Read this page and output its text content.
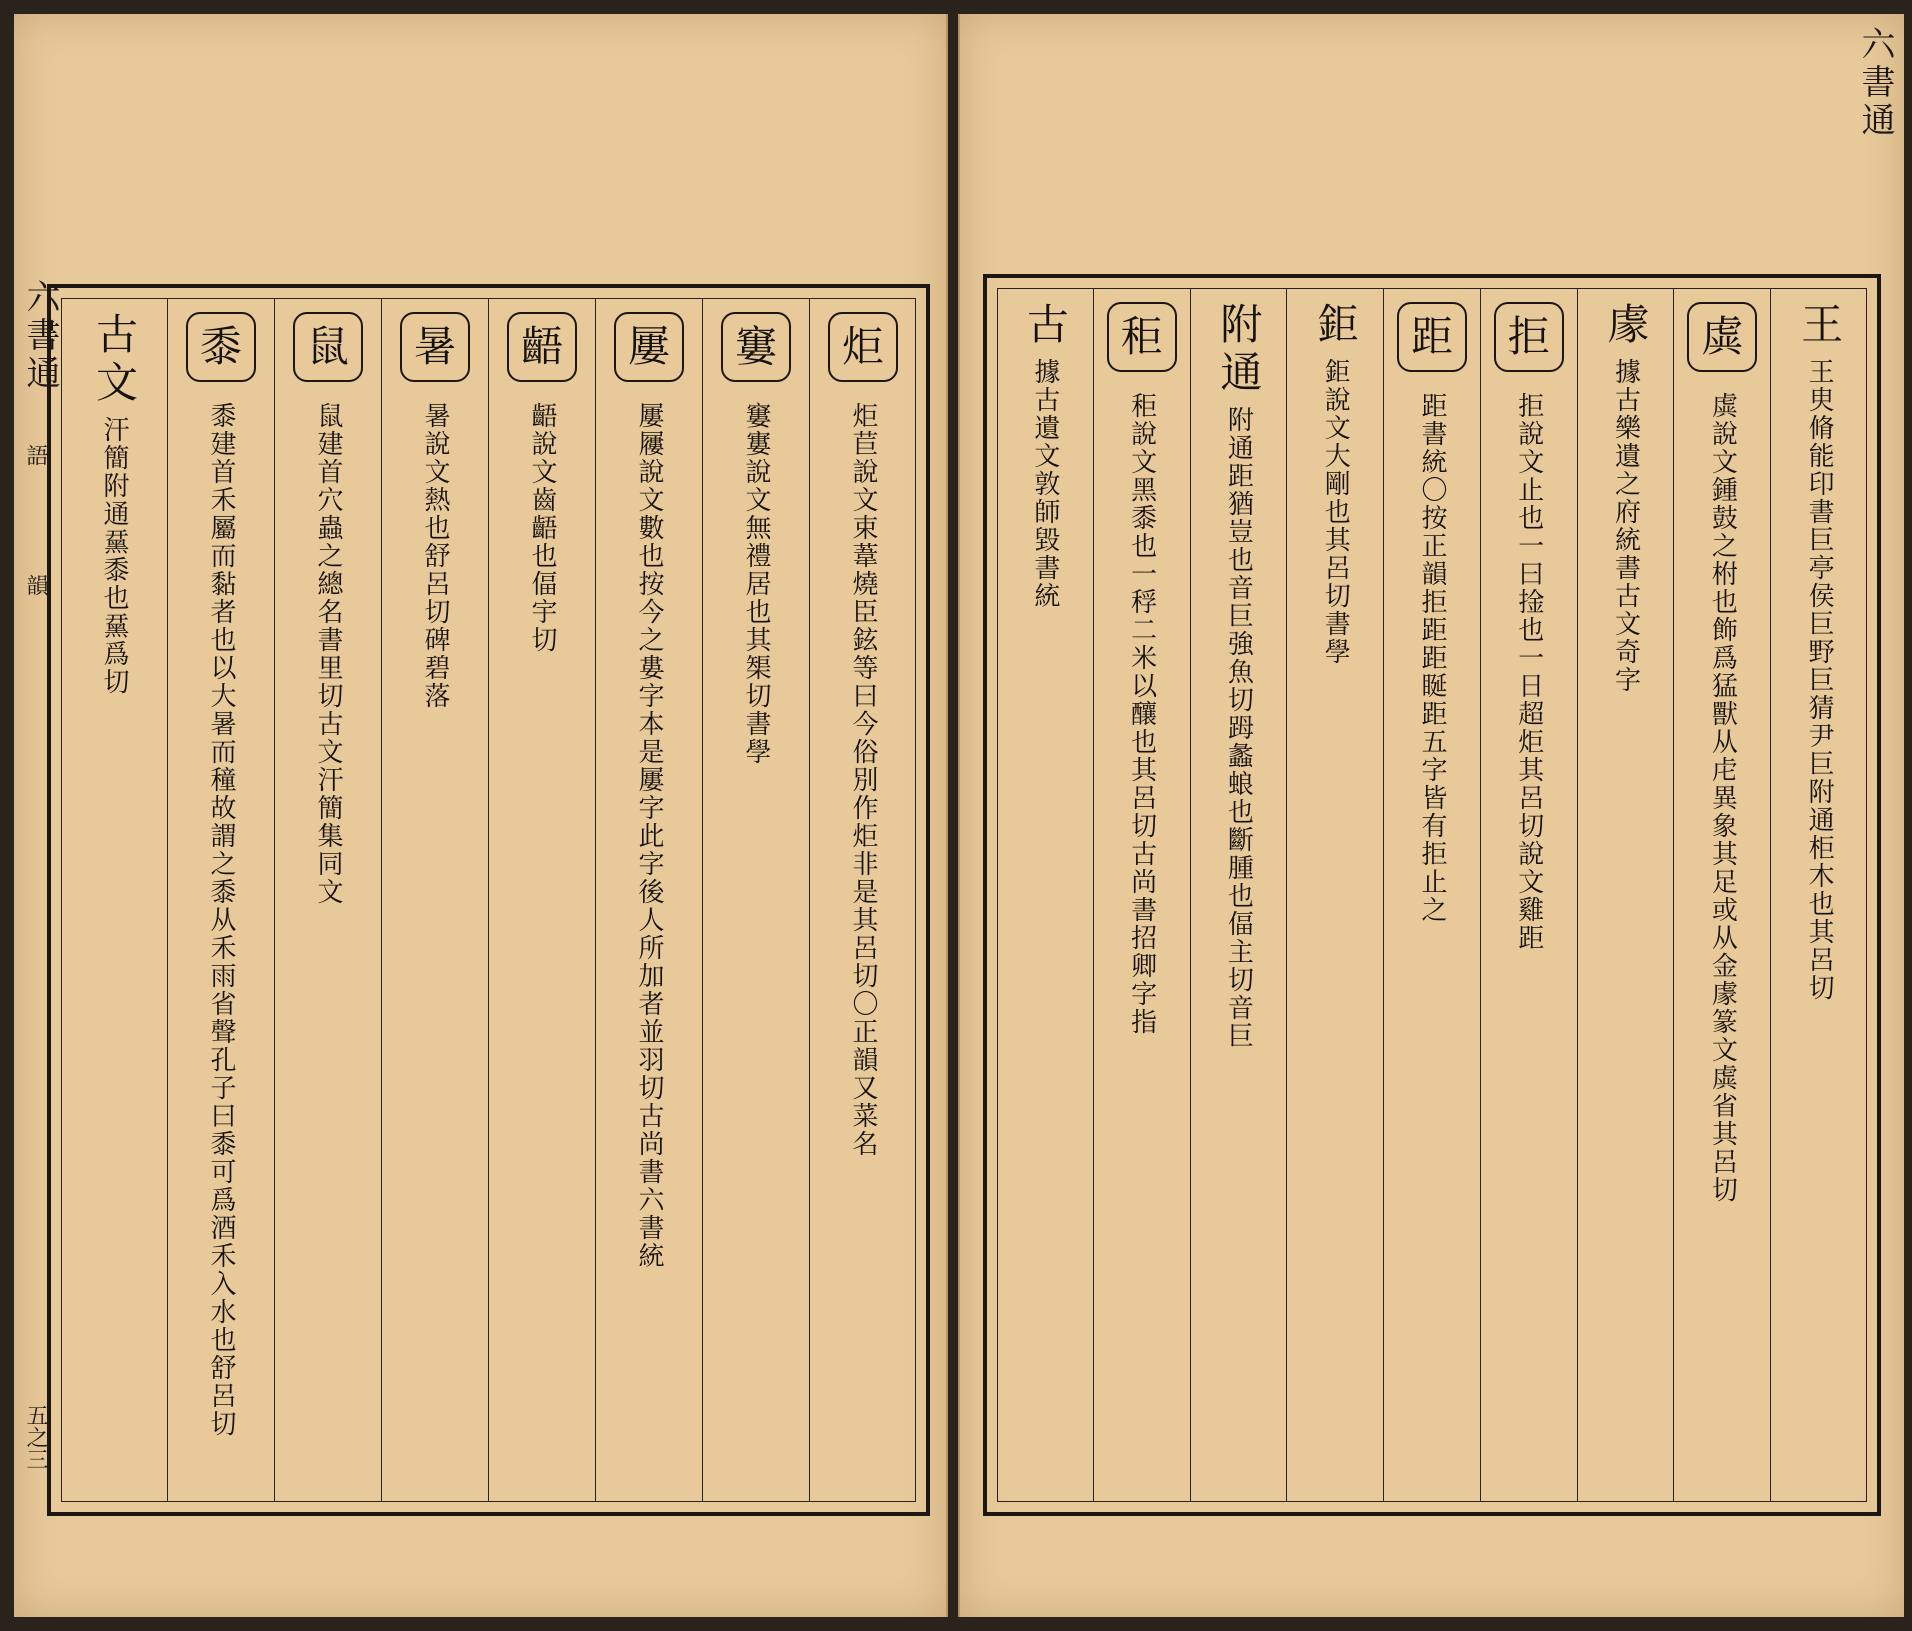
六書通
語
韻
五之三
炬
炬苣說文束葦燒臣鉉等曰今俗別作炬非是其呂切〇正韻又菜名
窶
窶寠說文無禮居也其榘切書學
屢
屢屨說文數也按今之婁字本是屢字此字後人所加者並羽切古尚書六書統
齬
齬說文齒齬也偪宇切
暑
暑說文熱也舒呂切碑碧落
鼠
鼠建首穴蟲之總名書里切古文汗簡集同文
黍
黍建首禾屬而黏者也以大暑而穜故謂之黍从禾雨省聲孔子曰黍可爲酒禾入水也舒呂切
古文
汗簡附通䵤黍也䵤爲切
六書通
王
王㬰脩能印書巨亭侯巨野巨猜尹巨附通柜木也其呂切
虡
虡說文鍾鼓之柎也飾爲猛獸从虍異象其足或从金豦篆文虡省其呂切
豦
據古樂遺之府統書古文奇字
拒
拒說文止也一曰捦也一日超炬其呂切說文雞距
距
距書統〇按正韻拒距距䀽距五字皆有拒止之
鉅
鉅說文大剛也其呂切書學
附通
附通距猶豈也音巨強魚切𧿹蠡蜋也斷腫也偪主切音巨
秬
秬說文黑黍也一稃二米以釀也其呂切古尚書招卿字指
古
據古遺文敦師毀書統
